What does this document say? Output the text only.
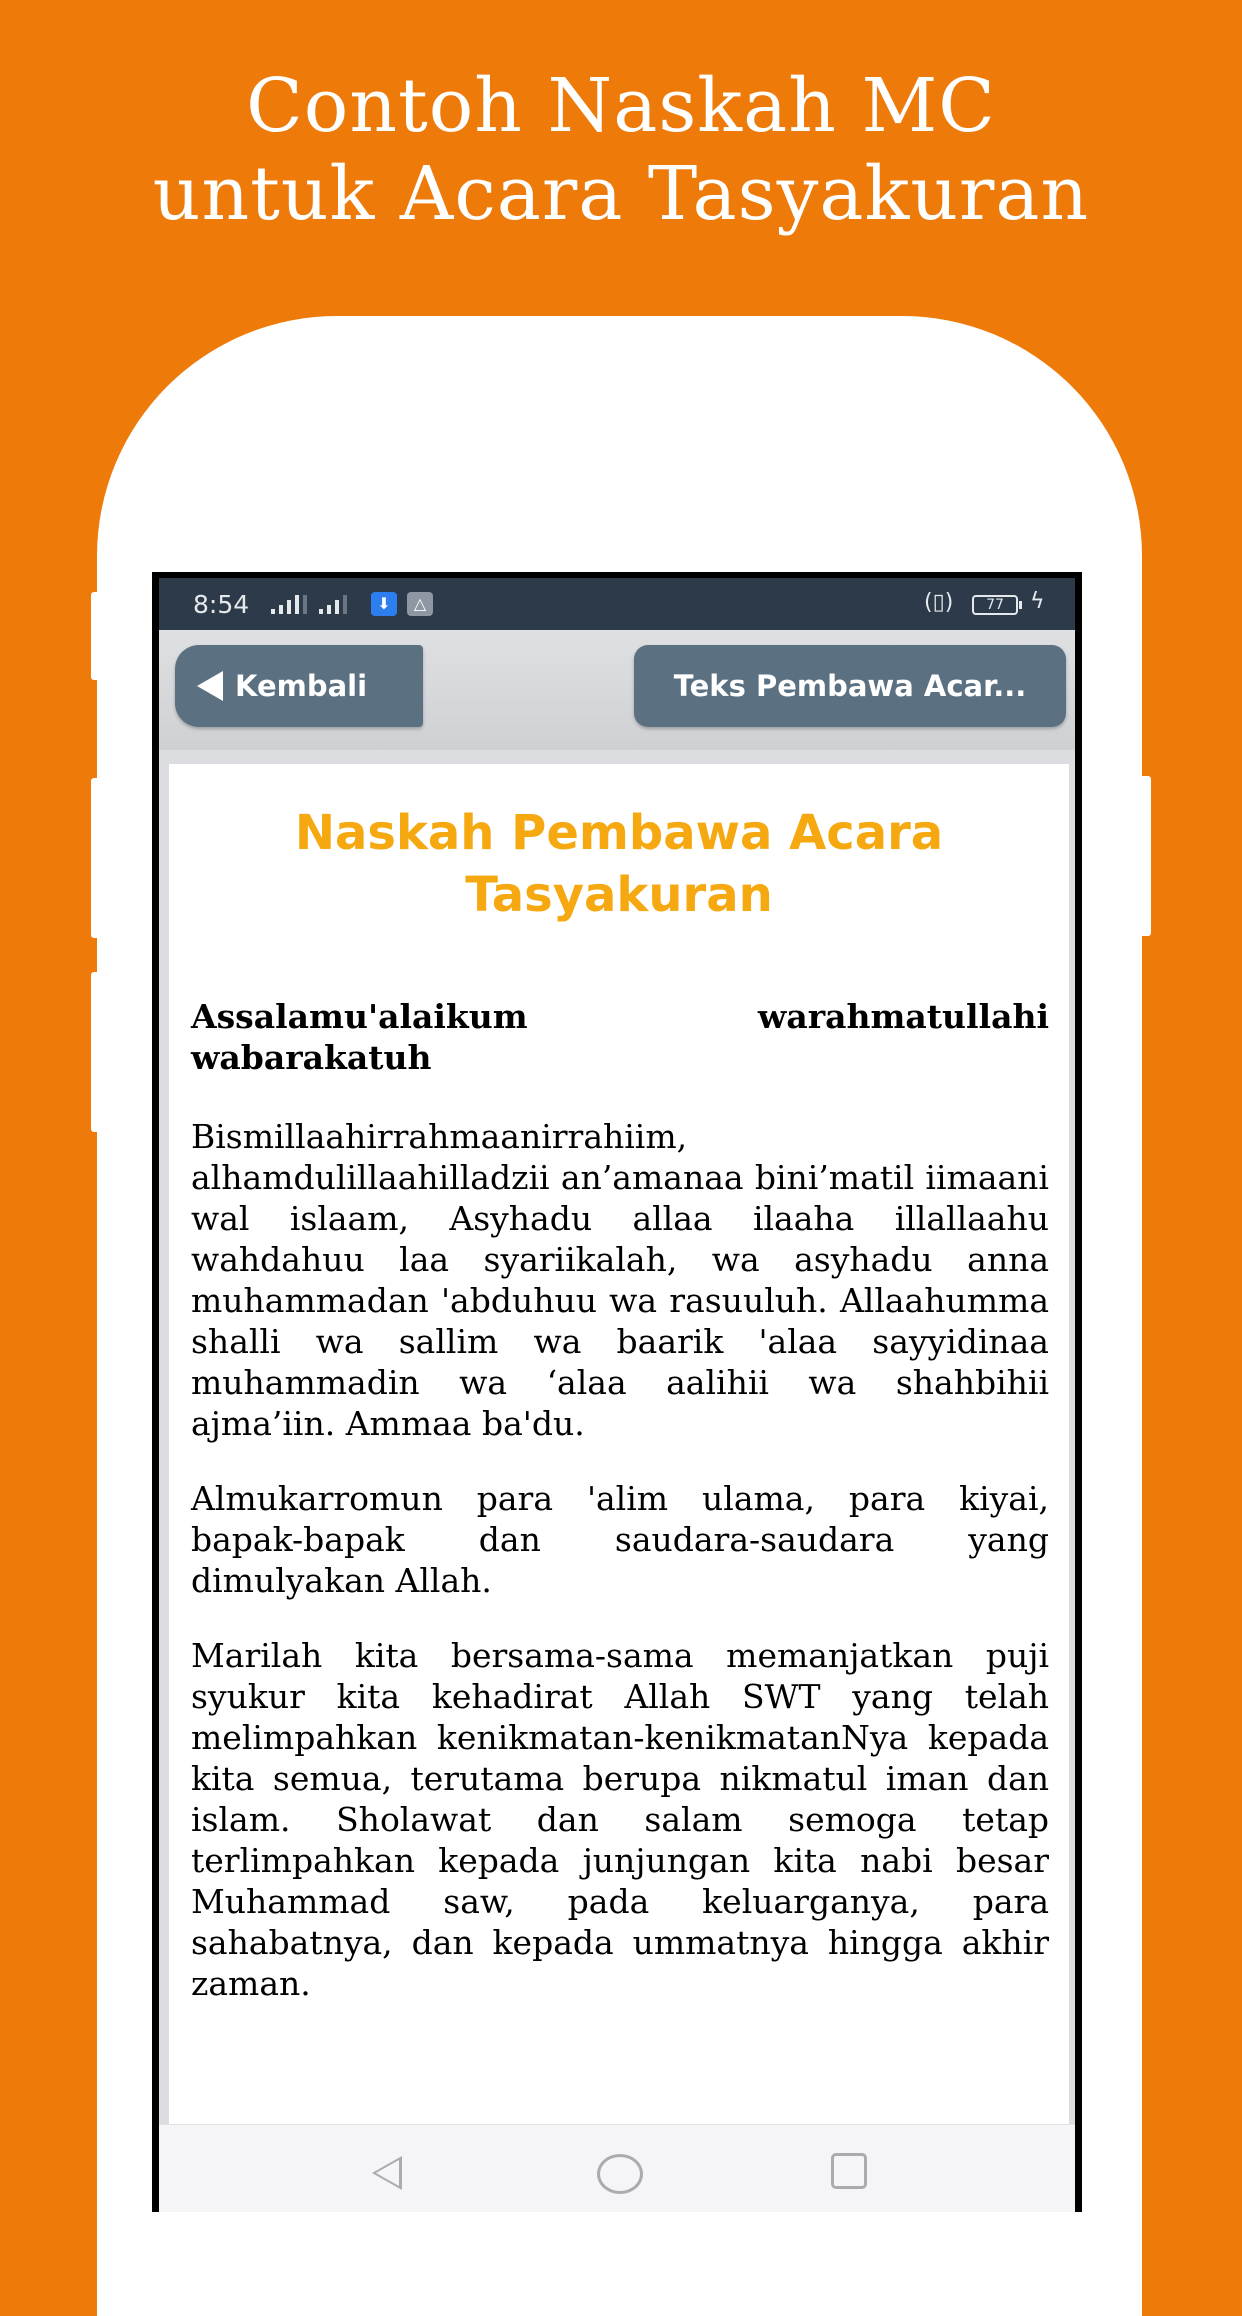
Contoh Naskah MC
untuk Acara Tasyakuran
8:54	⬇	△	(▯)	77	ϟ
Kembali	Teks Pembawa Acar...
Naskah Pembawa Acara
Tasyakuran

Assalamu'alaikum warahmatullahi wabarakatuh

Bismillaahirrahmaanirrahiim, alhamdulillaahilladzii an’amanaa bini’matil iimaani wal islaam, Asyhadu allaa ilaaha illallaahu wahdahuu laa syariikalah, wa asyhadu anna muhammadan 'abduhuu wa rasuuluh. Allaahumma shalli wa sallim wa baarik 'alaa sayyidinaa muhammadin wa ‘alaa aalihii wa shahbihii ajma’iin. Ammaa ba'du.

Almukarromun para 'alim ulama, para kiyai, bapak-bapak dan saudara-saudara yang dimulyakan Allah.

Marilah kita bersama-sama memanjatkan puji syukur kita kehadirat Allah SWT yang telah melimpahkan kenikmatan-kenikmatanNya kepada kita semua, terutama berupa nikmatul iman dan islam. Sholawat dan salam semoga tetap terlimpahkan kepada junjungan kita nabi besar Muhammad saw, pada keluarganya, para sahabatnya, dan kepada ummatnya hingga akhir zaman.
